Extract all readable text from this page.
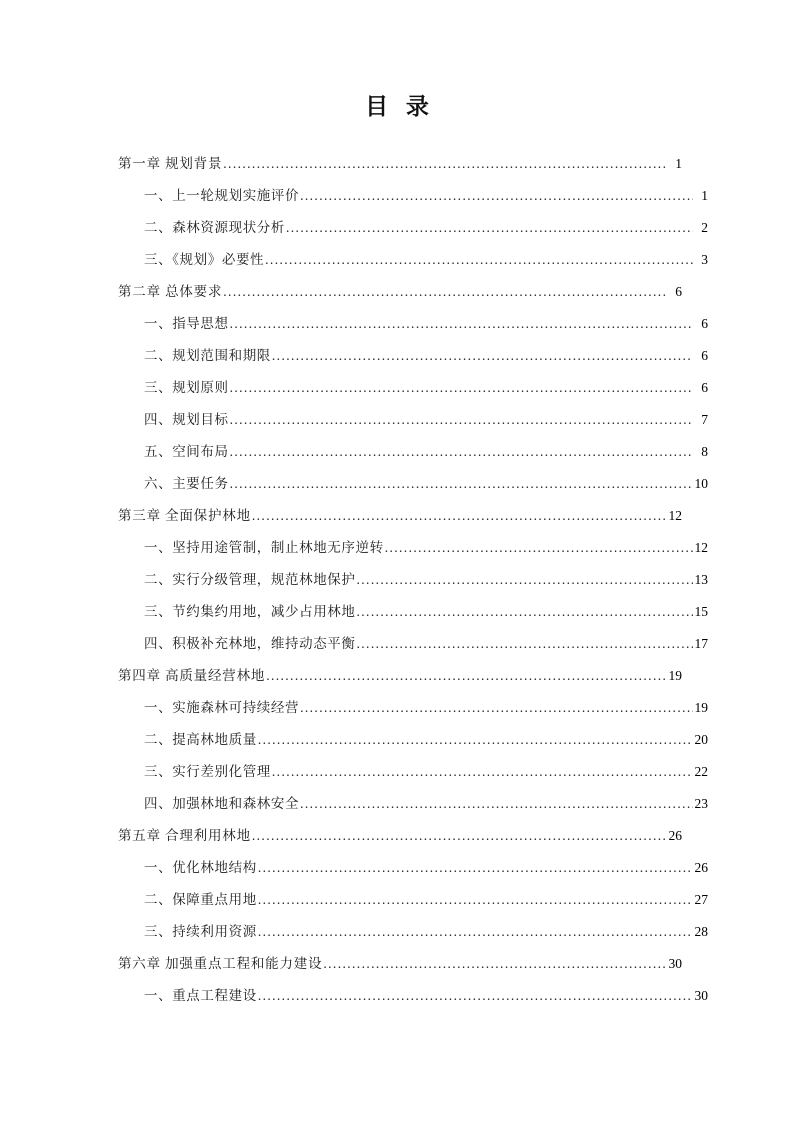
目 录
第一章 规划背景 .....	1
一、上一轮规划实施评价 .....	1
二、森林资源现状分析 .....	2
三、《规划》必要性 .....	3
第二章 总体要求 .....	6
一、指导思想 .....	6
二、规划范围和期限 .....	6
三、规划原则 .....	6
四、规划目标 .....	7
五、空间布局 .....	8
六、主要任务 .....	10
第三章 全面保护林地 .....	12
一、坚持用途管制，制止林地无序逆转 .....	12
二、实行分级管理，规范林地保护 .....	13
三、节约集约用地，减少占用林地 .....	15
四、积极补充林地，维持动态平衡 .....	17
第四章 高质量经营林地 .....	19
一、实施森林可持续经营 .....	19
二、提高林地质量 .....	20
三、实行差别化管理 .....	22
四、加强林地和森林安全 .....	23
第五章 合理利用林地 .....	26
一、优化林地结构 .....	26
二、保障重点用地 .....	27
三、持续利用资源 .....	28
第六章 加强重点工程和能力建设 .....	30
一、重点工程建设 .....	30
